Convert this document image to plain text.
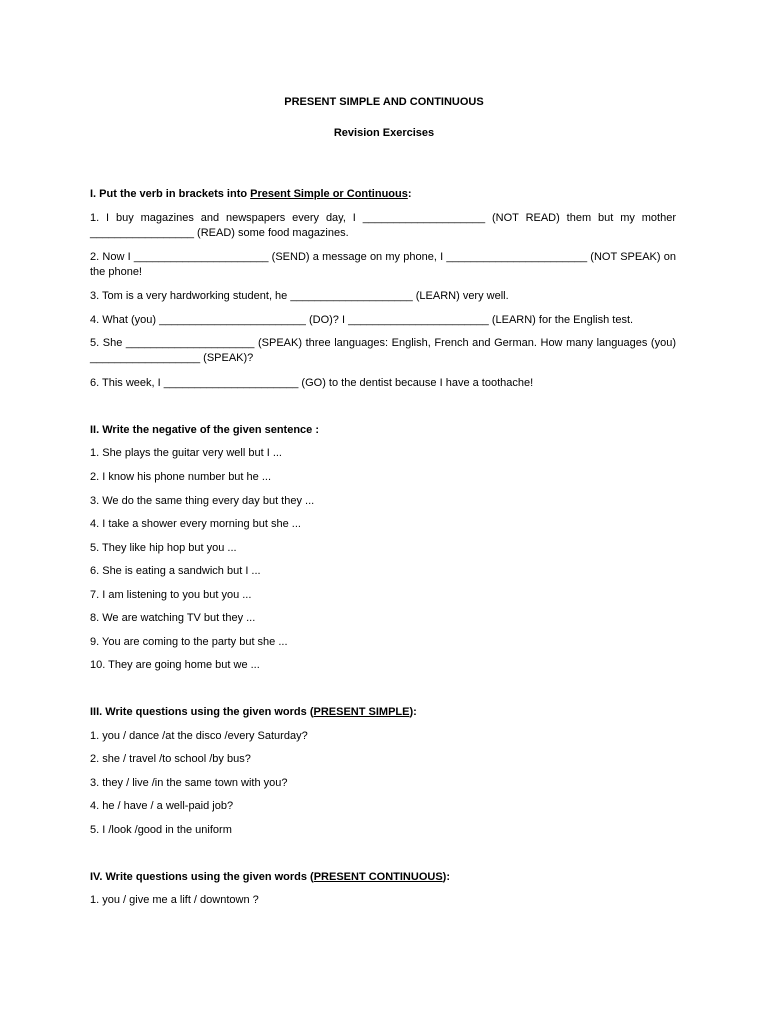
PRESENT SIMPLE AND CONTINUOUS
Revision Exercises
I. Put the verb in brackets into Present Simple or Continuous:
1. I buy magazines and newspapers every day, I ____________________ (NOT READ) them but my mother _________________ (READ) some food magazines.
2. Now I ______________________ (SEND) a message on my phone, I _______________________ (NOT SPEAK) on the phone!
3. Tom is a very hardworking student, he ____________________ (LEARN) very well.
4. What (you) ________________________ (DO)? I _______________________ (LEARN) for the English test.
5. She _____________________ (SPEAK) three languages: English, French and German. How many languages (you) __________________ (SPEAK)?
6. This week, I ______________________ (GO) to the dentist because I have a toothache!
II. Write the negative of the given sentence :
1. She plays the guitar very well but I ...
2. I know his phone number but he ...
3. We do the same thing every day but they ...
4. I take a shower every morning but she ...
5. They like hip hop but you ...
6. She is eating a sandwich but I ...
7. I am listening to you but you ...
8. We are watching TV but they ...
9. You are coming to the party but she ...
10. They are going home but we ...
III. Write questions using the given words (PRESENT SIMPLE):
1. you / dance /at the disco /every Saturday?
2. she / travel /to school /by bus?
3. they / live /in the same town with you?
4. he / have / a well-paid job?
5. I /look /good in the uniform
IV. Write questions using the given words (PRESENT CONTINUOUS):
1. you / give me a lift / downtown ?
